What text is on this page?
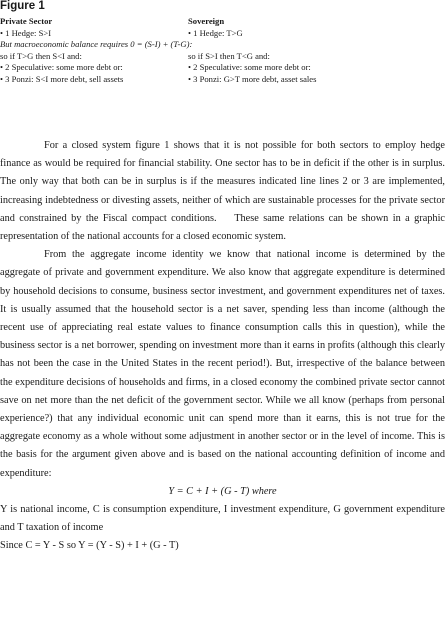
Figure 1
Private Sector	Sovereign
• 1 Hedge: S>I	• 1 Hedge: T>G
But macroeconomic balance requires 0 = (S-I) + (T-G):
so if T>G then S<I and:	so if S>I then T<G and:
• 2 Speculative: some more debt or:	• 2 Speculative: some more debt or:
• 3 Ponzi: S<I more debt, sell assets	• 3 Ponzi: G>T more debt, asset sales

For a closed system figure 1 shows that it is not possible for both sectors to employ hedge finance as would be required for financial stability. One sector has to be in deficit if the other is in surplus. The only way that both can be in surplus is if the measures indicated line lines 2 or 3 are implemented, increasing indebtedness or divesting assets, neither of which are sustainable processes for the private sector and constrained by the Fiscal compact conditions.    These same relations can be shown in a graphic representation of the national accounts for a closed economic system.

From the aggregate income identity we know that national income is determined by the aggregate of private and government expenditure. We also know that aggregate expenditure is determined by household decisions to consume, business sector investment, and government expenditures net of taxes. It is usually assumed that the household sector is a net saver, spending less than income (although the recent use of appreciating real estate values to finance consumption calls this in question), while the business sector is a net borrower, spending on investment more than it earns in profits (although this clearly has not been the case in the United States in the recent period!). But, irrespective of the balance between the expenditure decisions of households and firms, in a closed economy the combined private sector cannot save on net more than the net deficit of the government sector. While we all know (perhaps from personal experience?) that any individual economic unit can spend more than it earns, this is not true for the aggregate economy as a whole without some adjustment in another sector or in the level of income. This is the basis for the argument given above and is based on the national accounting definition of income and expenditure:

Y = C + I + (G - T) where

Y is national income, C is consumption expenditure, I investment expenditure, G government expenditure and T taxation of income

Since C = Y - S so Y = (Y - S) + I + (G - T)
